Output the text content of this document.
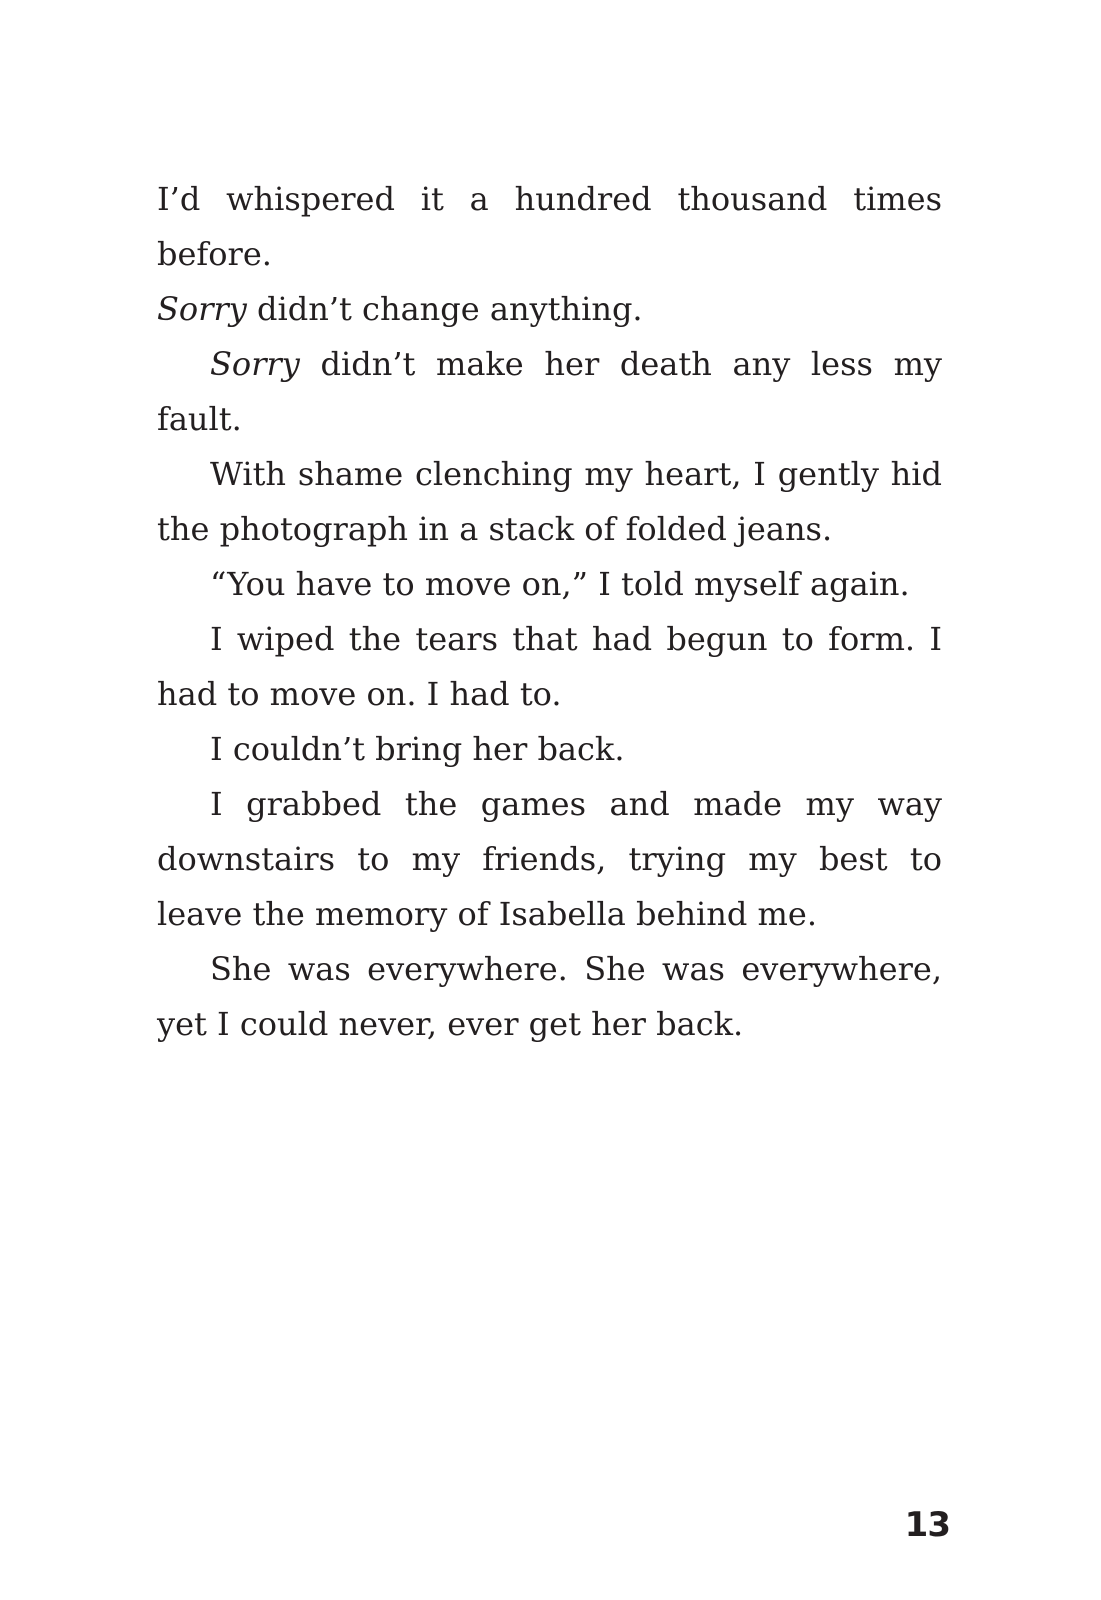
I’d whispered it a hundred thousand times before.
Sorry didn’t change anything.

Sorry didn’t make her death any less my fault.

With shame clenching my heart, I gently hid the photograph in a stack of folded jeans.

“You have to move on,” I told myself again.

I wiped the tears that had begun to form. I had to move on. I had to.

I couldn’t bring her back.

I grabbed the games and made my way downstairs to my friends, trying my best to leave the memory of Isabella behind me.

She was everywhere. She was everywhere, yet I could never, ever get her back.

13
